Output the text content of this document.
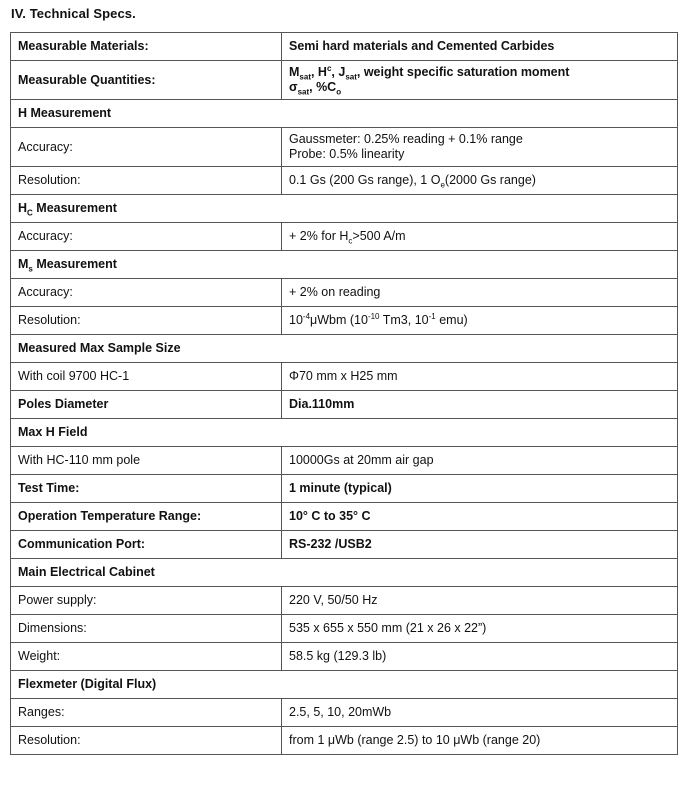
IV. Technical Specs.
Measurable Materials:	Semi hard materials and Cemented Carbides
Measurable Quantities:	$M_{sat}$, $H^c$, $J_{sat}$, weight specific saturation moment
$\sigma_{sat}$, $\%C_o$

H Measurement	
Accuracy:	Gaussmeter: 0.25% reading + 0.1% range
Probe: 0.5% linearity

Resolution:	0.1 Gs (200 Gs range), 1 $O_e(2000$ Gs range)
$H_C$ Measurement	
Accuracy:	+ 2% for $H_c>500$ A/m
$M_s$ Measurement	
Accuracy:	+ 2% on reading
Resolution:	$10^{-4}\mu Wbm$ ($10^{-10}$ Tm3, $10^{-1}$ emu)
Measured Max Sample Size	
With coil 9700 HC-1	Φ70 mm x H25 mm
Poles Diameter	Dia.110mm
Max H Field	
With HC-110 mm pole	10000Gs at 20mm air gap
Test Time:	1 minute (typical)
Operation Temperature Range:	10° C to 35° C
Communication Port:	RS-232 /USB2
Main Electrical Cabinet	
Power supply:	220 V, 50/50 Hz
Dimensions:	535 x 655 x 550 mm (21 x 26 x 22”)
Weight:	58.5 kg (129.3 lb)
Flexmeter (Digital Flux)	
Ranges:	2.5, 5, 10, 20mWb
Resolution:	from 1 μWb (range 2.5) to 10 μWb (range 20)
